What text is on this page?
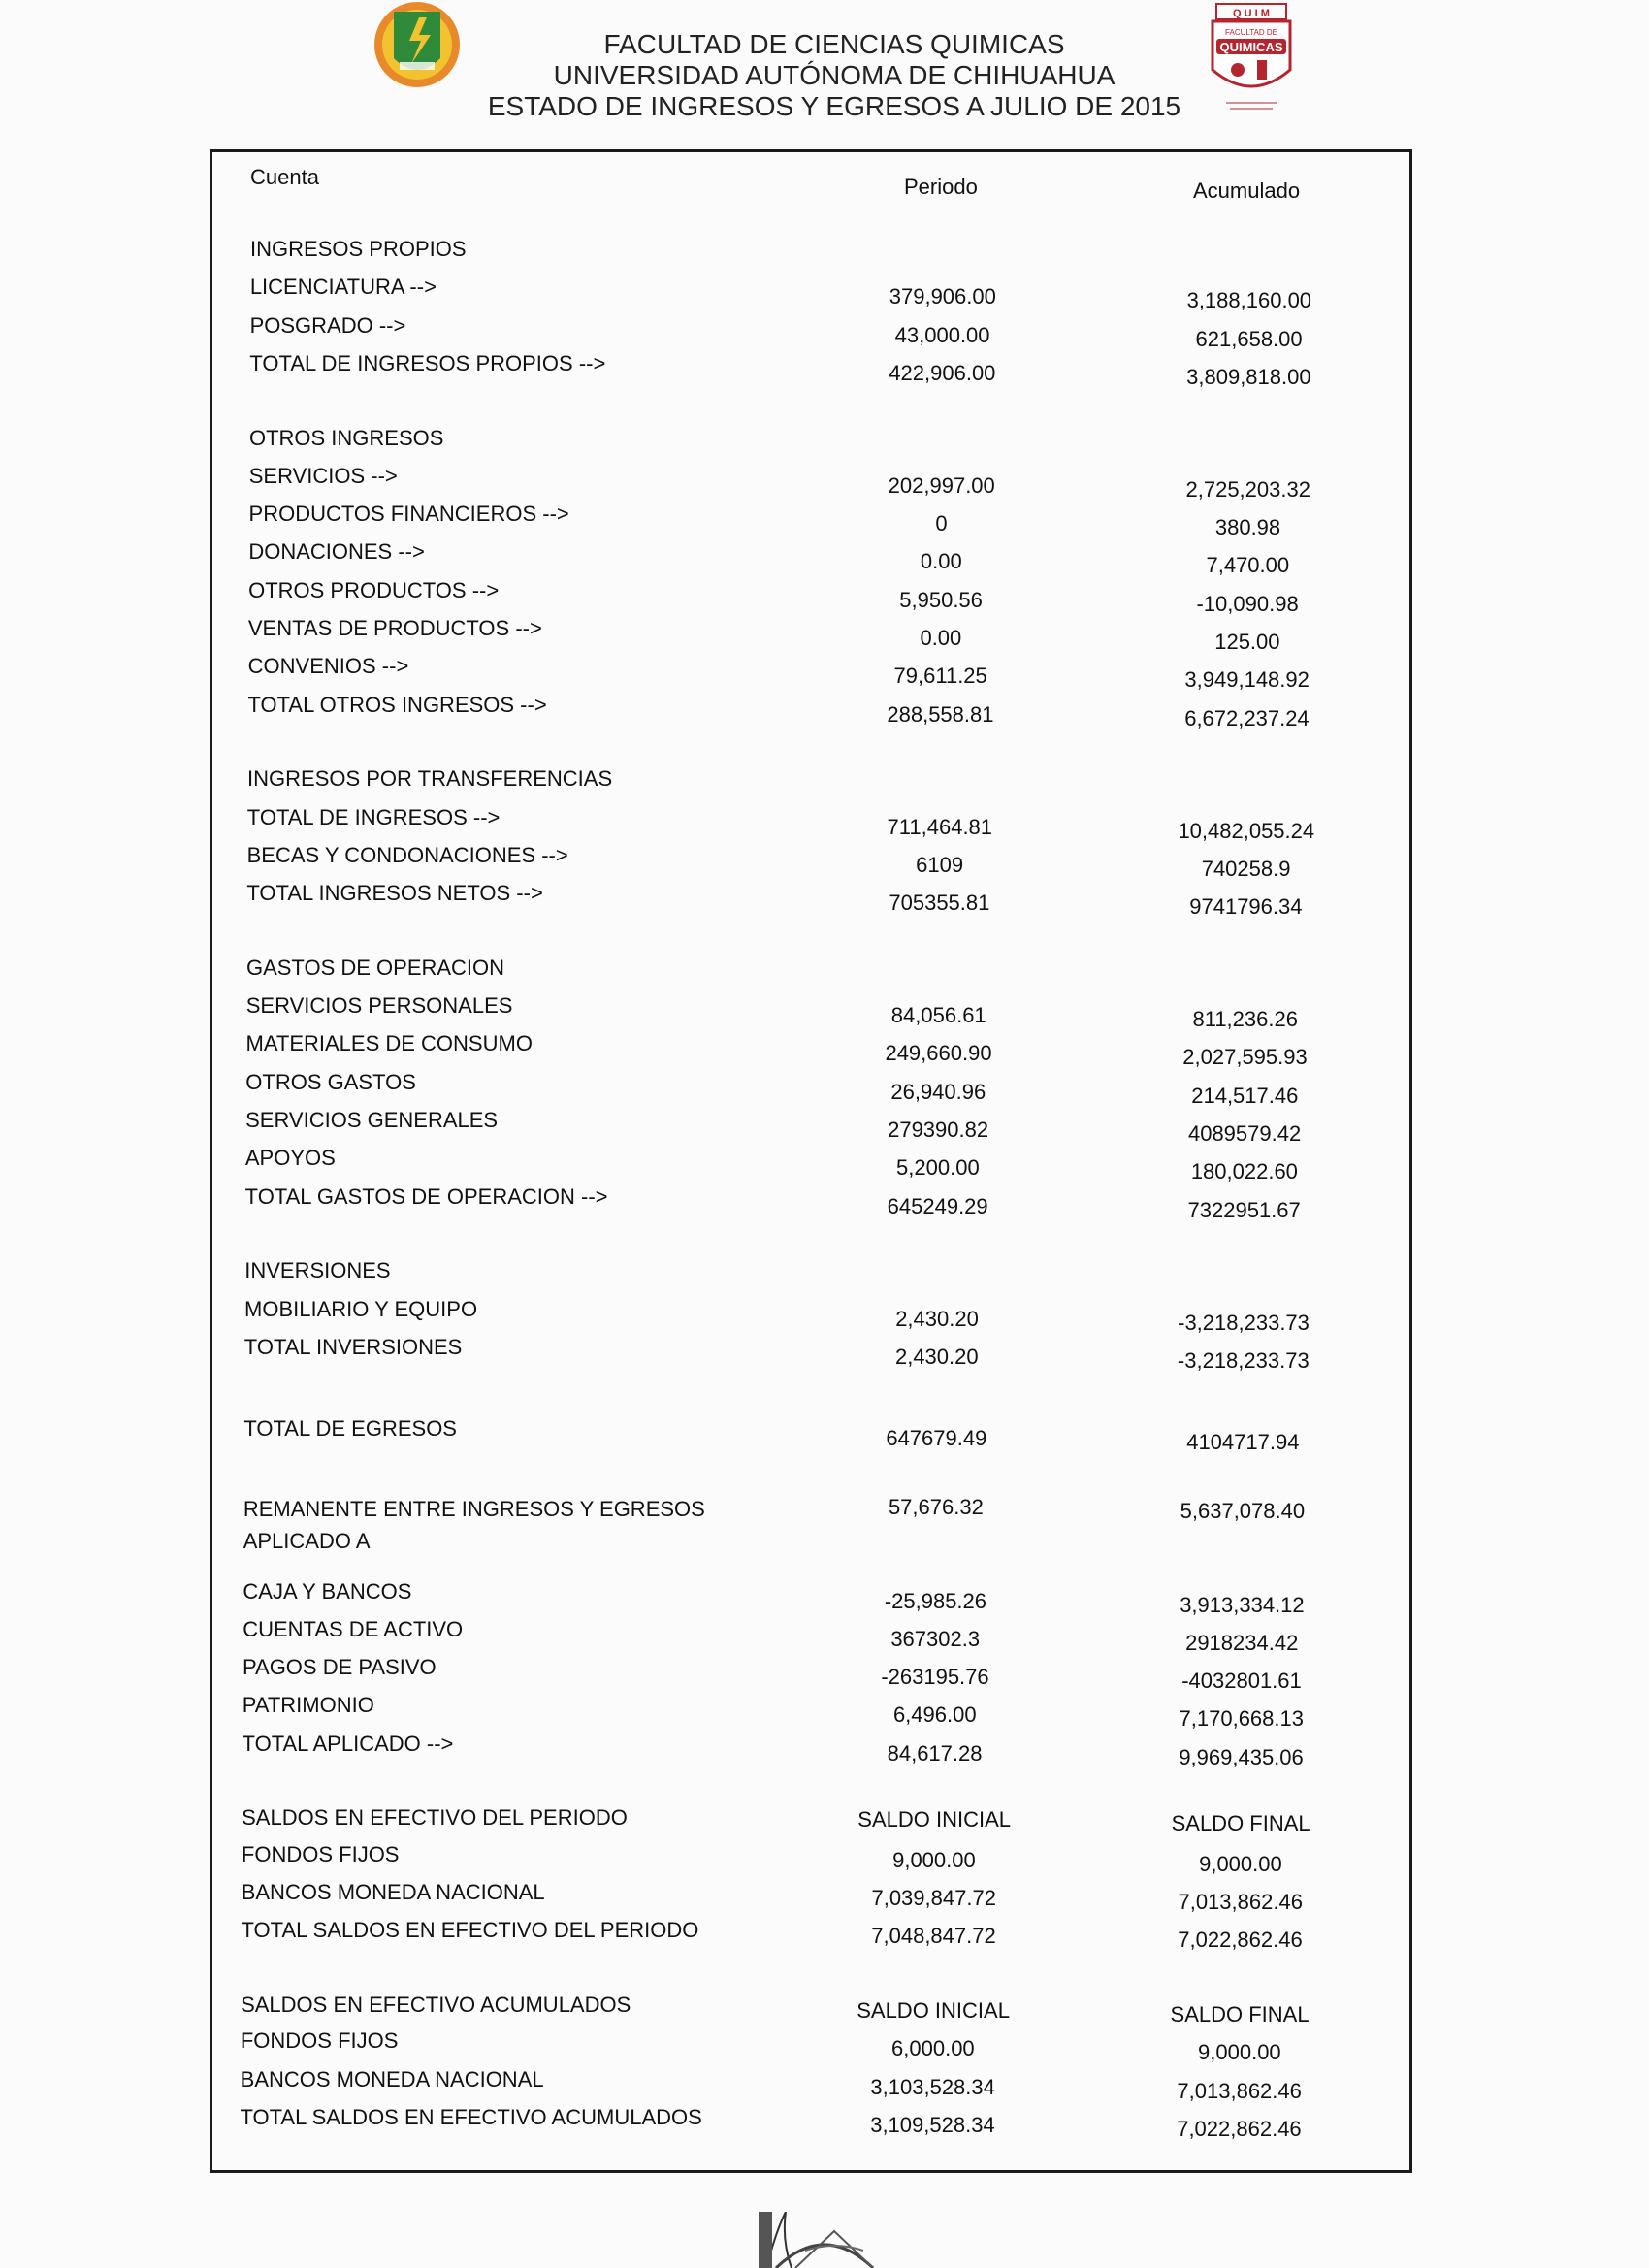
Q U I M
FACULTAD DE
QUIMICAS
FACULTAD DE CIENCIAS QUIMICAS
UNIVERSIDAD AUTÓNOMA DE CHIHUAHUA
ESTADO DE INGRESOS Y EGRESOS A JULIO DE 2015
Cuenta	Periodo	Acumulado
INGRESOS PROPIOS
LICENCIATURA -->	379,906.00	3,188,160.00
POSGRADO -->	43,000.00	621,658.00
TOTAL DE INGRESOS PROPIOS -->	422,906.00	3,809,818.00
OTROS INGRESOS
SERVICIOS -->	202,997.00	2,725,203.32
PRODUCTOS FINANCIEROS -->	0	380.98
DONACIONES -->	0.00	7,470.00
OTROS PRODUCTOS -->	5,950.56	-10,090.98
VENTAS DE PRODUCTOS -->	0.00	125.00
CONVENIOS -->	79,611.25	3,949,148.92
TOTAL OTROS INGRESOS -->	288,558.81	6,672,237.24
INGRESOS POR TRANSFERENCIAS
TOTAL DE INGRESOS -->	711,464.81	10,482,055.24
BECAS Y CONDONACIONES -->	6109	740258.9
TOTAL INGRESOS NETOS -->	705355.81	9741796.34
GASTOS DE OPERACION
SERVICIOS PERSONALES	84,056.61	811,236.26
MATERIALES DE CONSUMO	249,660.90	2,027,595.93
OTROS GASTOS	26,940.96	214,517.46
SERVICIOS GENERALES	279390.82	4089579.42
APOYOS	5,200.00	180,022.60
TOTAL GASTOS DE OPERACION -->	645249.29	7322951.67
INVERSIONES
MOBILIARIO Y EQUIPO	2,430.20	-3,218,233.73
TOTAL INVERSIONES	2,430.20	-3,218,233.73
TOTAL DE EGRESOS	647679.49	4104717.94
REMANENTE ENTRE INGRESOS Y EGRESOS	57,676.32	5,637,078.40
APLICADO A
CAJA Y BANCOS	-25,985.26	3,913,334.12
CUENTAS DE ACTIVO	367302.3	2918234.42
PAGOS DE PASIVO	-263195.76	-4032801.61
PATRIMONIO	6,496.00	7,170,668.13
TOTAL APLICADO -->	84,617.28	9,969,435.06
SALDOS EN EFECTIVO DEL PERIODO	SALDO INICIAL	SALDO FINAL
FONDOS FIJOS	9,000.00	9,000.00
BANCOS MONEDA NACIONAL	7,039,847.72	7,013,862.46
TOTAL SALDOS EN EFECTIVO DEL PERIODO	7,048,847.72	7,022,862.46
SALDOS EN EFECTIVO ACUMULADOS	SALDO INICIAL	SALDO FINAL
FONDOS FIJOS	6,000.00	9,000.00
BANCOS MONEDA NACIONAL	3,103,528.34	7,013,862.46
TOTAL SALDOS EN EFECTIVO ACUMULADOS	3,109,528.34	7,022,862.46
